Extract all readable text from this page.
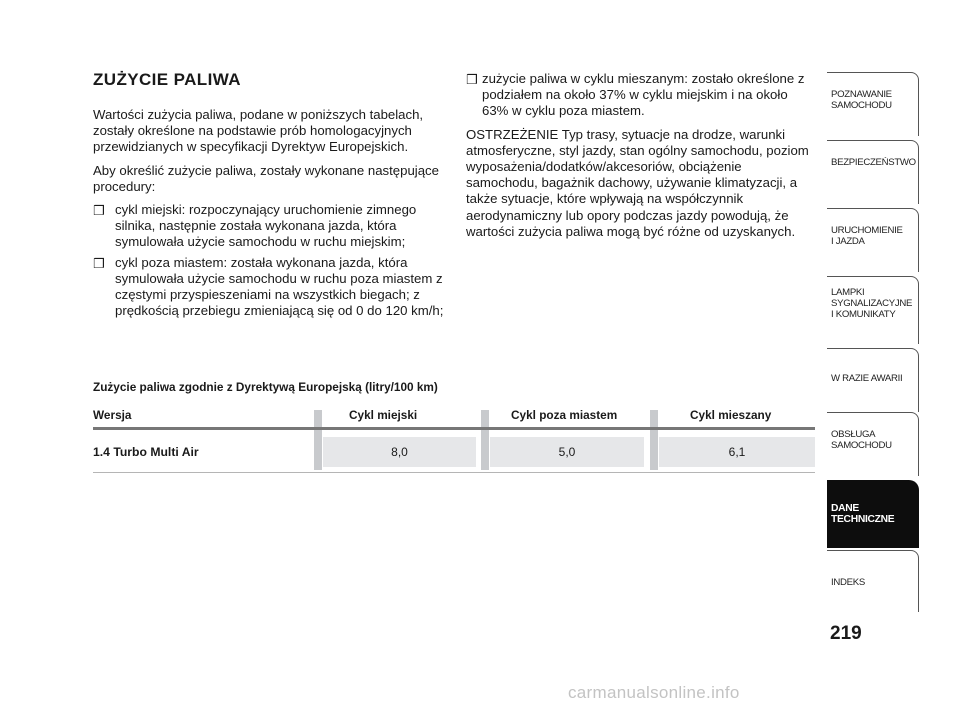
ZUŻYCIE PALIWA

Wartości zużycia paliwa, podane w poniższych tabelach, zostały określone na podstawie prób homologacyjnych przewidzianych w specyfikacji Dyrektyw Europejskich.

Aby określić zużycie paliwa, zostały wykonane następujące procedury:

❒ cykl miejski: rozpoczynający uruchomienie zimnego silnika, następnie została wykonana jazda, która symulowała użycie samochodu w ruchu miejskim;
❒ cykl poza miastem: została wykonana jazda, która symulowała użycie samochodu w ruchu poza miastem z częstymi przyspieszeniami na wszystkich biegach; z prędkością przebiegu zmieniającą się od 0 do 120 km/h;
❒ zużycie paliwa w cyklu mieszanym: zostało określone z podziałem na około 37% w cyklu miejskim i na około 63% w cyklu poza miastem.

OSTRZEŻENIE Typ trasy, sytuacje na drodze, warunki atmosferyczne, styl jazdy, stan ogólny samochodu, poziom wyposażenia/dodatków/akcesoriów, obciążenie samochodu, bagażnik dachowy, używanie klimatyzacji, a także sytuacje, które wpływają na współczynnik aerodynamiczny lub opory podczas jazdy powodują, że wartości zużycia paliwa mogą być różne od uzyskanych.

Zużycie paliwa zgodnie z Dyrektywą Europejską (litry/100 km)
Wersja	Cykl miejski	Cykl poza miastem	Cykl mieszany
1.4 Turbo Multi Air	8,0	5,0	6,1
POZNAWANIE
SAMOCHODU
BEZPIECZEŃSTWO
URUCHOMIENIE
I JAZDA
LAMPKI
SYGNALIZACYJNE
I KOMUNIKATY
W RAZIE AWARII
OBSŁUGA
SAMOCHODU
DANE
TECHNICZNE
INDEKS
219
carmanualsonline.info
